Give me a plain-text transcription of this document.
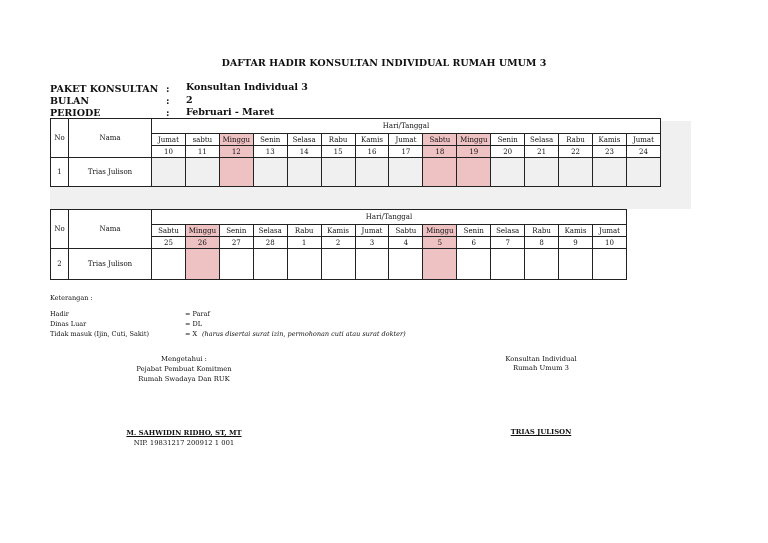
DAFTAR HADIR KONSULTAN INDIVIDUAL RUMAH UMUM 3
PAKET KONSULTAN : Konsultan Individual 3
BULAN	: 2
PERIODE	: Februari - Maret
No	Nama	Hari/Tanggal														
		Jumat	sabtu	Minggu	Senin	Selasa	Rabu	Kamis	Jumat	Sabtu	Minggu	Senin	Selasa	Rabu	Kamis	Jumat
		10	11	12	13	14	15	16	17	18	19	20	21	22	23	24
1	Trias Julison															
No	Nama	Hari/Tanggal													
		Sabtu	Minggu	Senin	Selasa	Rabu	Kamis	Jumat	Sabtu	Minggu	Senin	Selasa	Rabu	Kamis	Jumat
		25	26	27	28	1	2	3	4	5	6	7	8	9	10
2	Trias Julison														
Keterangan :
Hadir	= Paraf
Dinas Luar	= DL
Tidak masuk (Ijin, Cuti, Sakit)	= X (harus disertai surat izin, permohonan cuti atau surat dokter)
Mengetahui :
Pejabat Pembuat Komitmen
Rumah Swadaya Dan RUK
M. SAHWIDIN RIDHO, ST, MT
NIP. 19831217 200912 1 001
Konsultan Individual
Rumah Umum 3
TRIAS JULISON
